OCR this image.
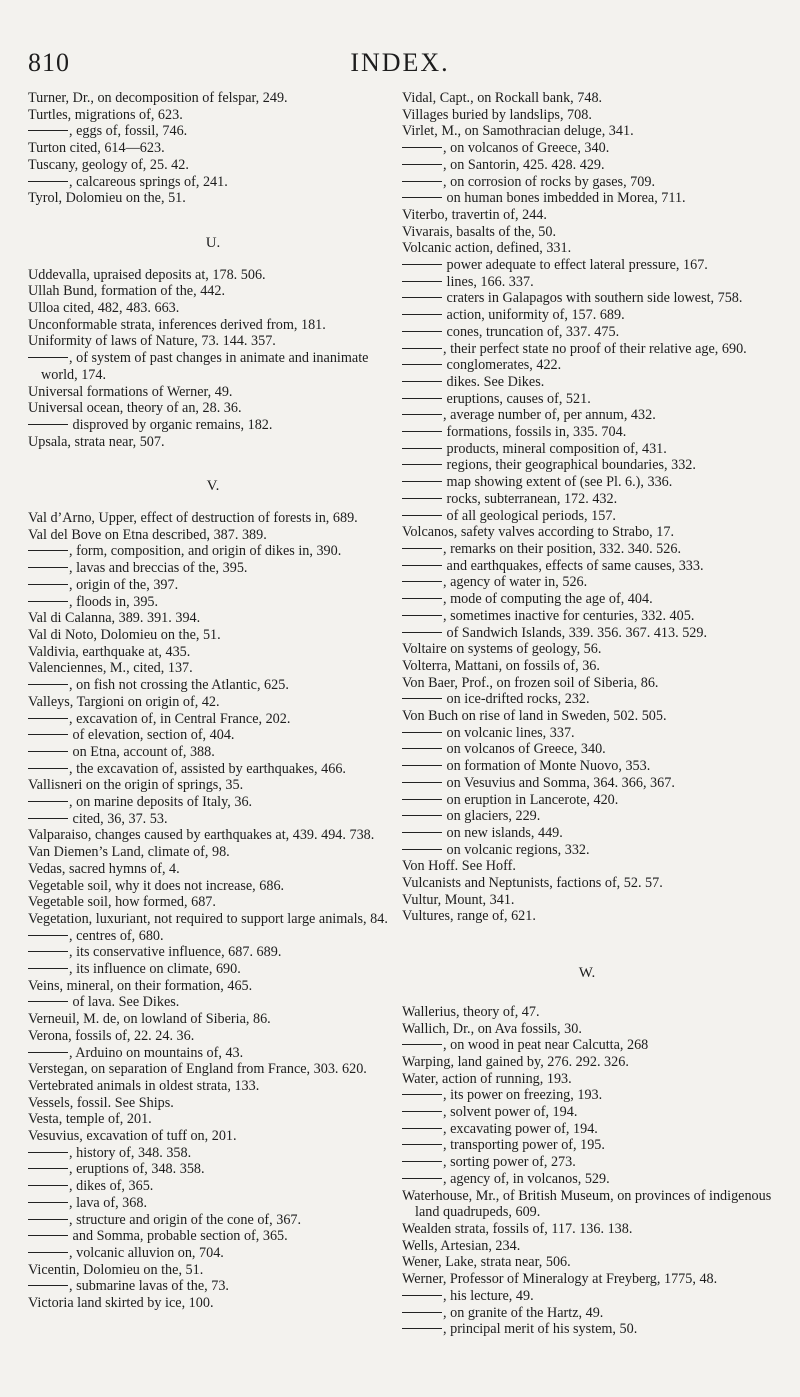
810	INDEX.

Turner, Dr., on decomposition of felspar, 249.

Turtles, migrations of, 623.

, eggs of, fossil, 746.

Turton cited, 614—623.

Tuscany, geology of, 25. 42.

, calcareous springs of, 241.

Tyrol, Dolomieu on the, 51.

U.

Uddevalla, upraised deposits at, 178. 506.

Ullah Bund, formation of the, 442.

Ulloa cited, 482, 483. 663.

Unconformable strata, inferences derived from, 181.

Uniformity of laws of Nature, 73. 144. 357.

, of system of past changes in animate and inanimate world, 174.

Universal formations of Werner, 49.

Universal ocean, theory of an, 28. 36.

disproved by organic remains, 182.

Upsala, strata near, 507.

V.

Val d’Arno, Upper, effect of destruction of forests in, 689.

Val del Bove on Etna described, 387. 389.

, form, composition, and origin of dikes in, 390.

, lavas and breccias of the, 395.

, origin of the, 397.

, floods in, 395.

Val di Calanna, 389. 391. 394.

Val di Noto, Dolomieu on the, 51.

Valdivia, earthquake at, 435.

Valenciennes, M., cited, 137.

, on fish not crossing the Atlantic, 625.

Valleys, Targioni on origin of, 42.

, excavation of, in Central France, 202.

of elevation, section of, 404.

on Etna, account of, 388.

, the excavation of, assisted by earthquakes, 466.

Vallisneri on the origin of springs, 35.

, on marine deposits of Italy, 36.

cited, 36, 37. 53.

Valparaiso, changes caused by earthquakes at, 439. 494. 738.

Van Diemen’s Land, climate of, 98.

Vedas, sacred hymns of, 4.

Vegetable soil, why it does not increase, 686.

Vegetable soil, how formed, 687.

Vegetation, luxuriant, not required to support large animals, 84.

, centres of, 680.

, its conservative influence, 687. 689.

, its influence on climate, 690.

Veins, mineral, on their formation, 465.

of lava. See Dikes.

Verneuil, M. de, on lowland of Siberia, 86.

Verona, fossils of, 22. 24. 36.

, Arduino on mountains of, 43.

Verstegan, on separation of England from France, 303. 620.

Vertebrated animals in oldest strata, 133.

Vessels, fossil. See Ships.

Vesta, temple of, 201.

Vesuvius, excavation of tuff on, 201.

, history of, 348. 358.

, eruptions of, 348. 358.

, dikes of, 365.

, lava of, 368.

, structure and origin of the cone of, 367.

and Somma, probable section of, 365.

, volcanic alluvion on, 704.

Vicentin, Dolomieu on the, 51.

, submarine lavas of the, 73.

Victoria land skirted by ice, 100.

Vidal, Capt., on Rockall bank, 748.

Villages buried by landslips, 708.

Virlet, M., on Samothracian deluge, 341.

, on volcanos of Greece, 340.

, on Santorin, 425. 428. 429.

, on corrosion of rocks by gases, 709.

on human bones imbedded in Morea, 711.

Viterbo, travertin of, 244.

Vivarais, basalts of the, 50.

Volcanic action, defined, 331.

power adequate to effect lateral pressure, 167.

lines, 166. 337.

craters in Galapagos with southern side lowest, 758.

action, uniformity of, 157. 689.

cones, truncation of, 337. 475.

, their perfect state no proof of their relative age, 690.

conglomerates, 422.

dikes. See Dikes.

eruptions, causes of, 521.

, average number of, per annum, 432.

formations, fossils in, 335. 704.

products, mineral composition of, 431.

regions, their geographical boundaries, 332.

map showing extent of (see Pl. 6.), 336.

rocks, subterranean, 172. 432.

of all geological periods, 157.

Volcanos, safety valves according to Strabo, 17.

, remarks on their position, 332. 340. 526.

and earthquakes, effects of same causes, 333.

, agency of water in, 526.

, mode of computing the age of, 404.

, sometimes inactive for centuries, 332. 405.

of Sandwich Islands, 339. 356. 367. 413. 529.

Voltaire on systems of geology, 56.

Volterra, Mattani, on fossils of, 36.

Von Baer, Prof., on frozen soil of Siberia, 86.

on ice-drifted rocks, 232.

Von Buch on rise of land in Sweden, 502. 505.

on volcanic lines, 337.

on volcanos of Greece, 340.

on formation of Monte Nuovo, 353.

on Vesuvius and Somma, 364. 366, 367.

on eruption in Lancerote, 420.

on glaciers, 229.

on new islands, 449.

on volcanic regions, 332.

Von Hoff. See Hoff.

Vulcanists and Neptunists, factions of, 52. 57.

Vultur, Mount, 341.

Vultures, range of, 621.

W.

Wallerius, theory of, 47.

Wallich, Dr., on Ava fossils, 30.

, on wood in peat near Calcutta, 268

Warping, land gained by, 276. 292. 326.

Water, action of running, 193.

, its power on freezing, 193.

, solvent power of, 194.

, excavating power of, 194.

, transporting power of, 195.

, sorting power of, 273.

, agency of, in volcanos, 529.

Waterhouse, Mr., of British Museum, on provinces of indigenous land quadrupeds, 609.

Wealden strata, fossils of, 117. 136. 138.

Wells, Artesian, 234.

Wener, Lake, strata near, 506.

Werner, Professor of Mineralogy at Freyberg, 1775, 48.

, his lecture, 49.

, on granite of the Hartz, 49.

, principal merit of his system, 50.
